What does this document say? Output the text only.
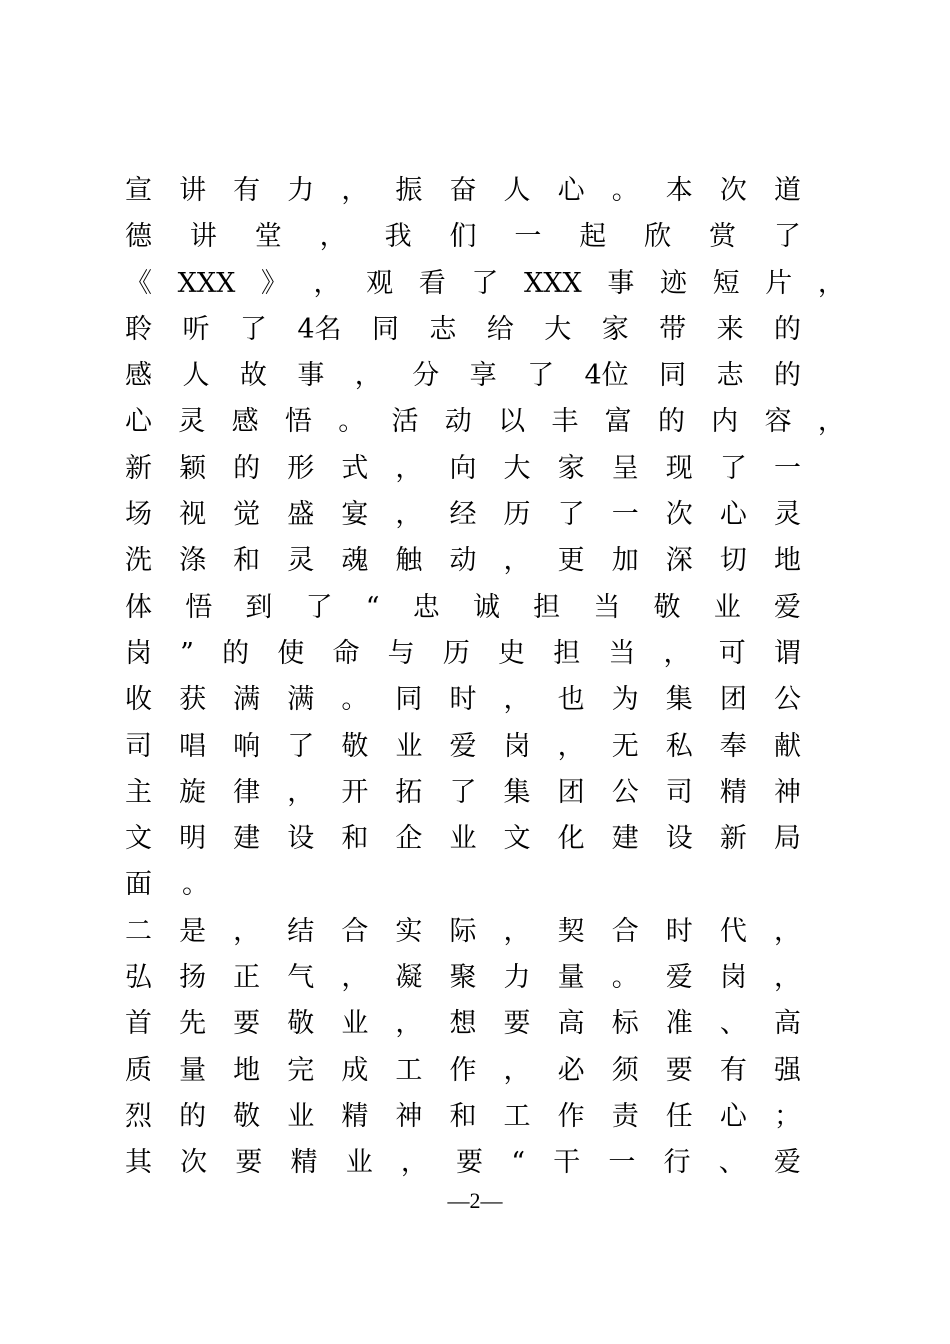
宣 讲 有 力 ， 振 奋 人 心 。 本 次 道
德 讲 堂 ， 我 们 一 起 欣 赏 了
《 XXX 》 ， 观 看 了 XXX 事 迹 短 片 ，
聆 听 了 4名 同 志 给 大 家 带 来 的
感 人 故 事 ， 分 享 了 4位 同 志 的
心 灵 感 悟 。 活 动 以 丰 富 的 内 容 ，
新 颖 的 形 式 ， 向 大 家 呈 现 了 一
场 视 觉 盛 宴 ， 经 历 了 一 次 心 灵
洗 涤 和 灵 魂 触 动 ， 更 加 深 切 地
体 悟 到 了 “ 忠 诚 担 当 敬 业 爱
岗 ” 的 使 命 与 历 史 担 当 ， 可 谓
收 获 满 满 。 同 时 ， 也 为 集 团 公
司 唱 响 了 敬 业 爱 岗 ， 无 私 奉 献
主 旋 律 ， 开 拓 了 集 团 公 司 精 神
文 明 建 设 和 企 业 文 化 建 设 新 局
面 。
二 是 ， 结 合 实 际 ， 契 合 时 代 ，
弘 扬 正 气 ， 凝 聚 力 量 。 爱 岗 ，
首 先 要 敬 业 ， 想 要 高 标 准 、 高
质 量 地 完 成 工 作 ， 必 须 要 有 强
烈 的 敬 业 精 神 和 工 作 责 任 心 ；
其 次 要 精 业 ， 要 “ 干 一 行 、 爱
—2—
